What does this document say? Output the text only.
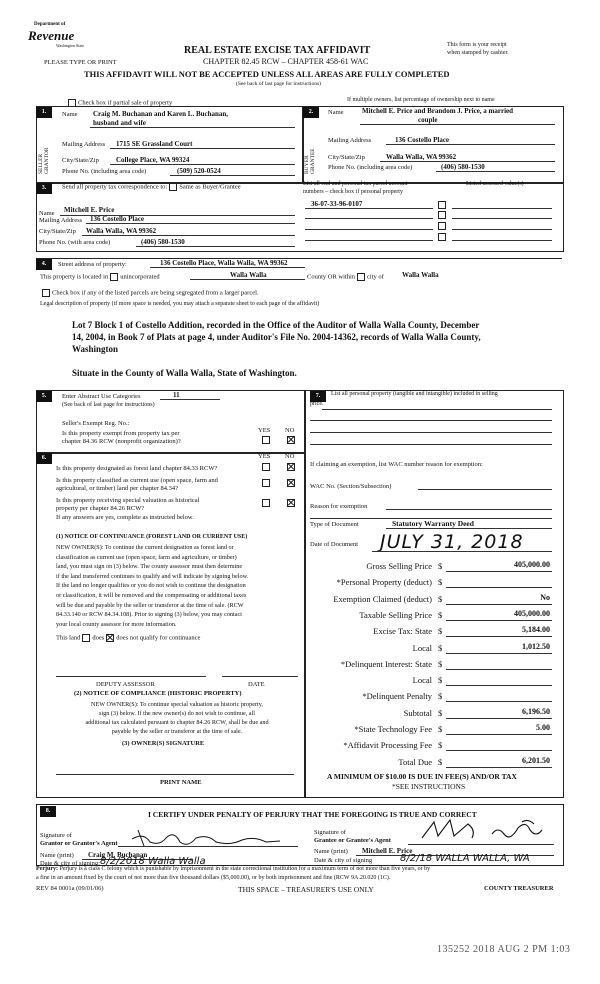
Department of
Revenue
Washington State
PLEASE TYPE OR PRINT
REAL ESTATE EXCISE TAX AFFIDAVIT
CHAPTER 82.45 RCW – CHAPTER 458-61 WAC
This form is your receipt
when stamped by cashier.
THIS AFFIDAVIT WILL NOT BE ACCEPTED UNLESS ALL AREAS ARE FULLY COMPLETED
(See back of last page for instructions)
Check box if partial sale of property
1.
SELLER GRANTOR
Name Craig M. Buchanan and Karen L. Buchanan,
husband and wife
Mailing Address 1715 SE Grassland Court
City/State/Zip College Place, WA 99324
Phone No. (including area code)	(509) 520-0524
If multiple owners, list percentage of ownership next to name
2.
BUYER GRANTEE
Name	Mitchell E. Price and Brandom J. Price, a married
couple
Mailing Address	136 Costello Place
City/State/Zip	Walla Walla, WA 99362
Phone No. (including area code)	(406) 580-1530
3.	Send all property tax correspondence to: Same as Buyer/Grantee	List all real and personal tax parcel account
numbers – check box if personal property
Listed assessed value(s)
Name Mitchell E. Price
Mailing Address 136 Costello Place
City/State/Zip Walla Walla, WA 99362
Phone No. (with area code)	(406) 580-1530
36-07-33-96-0107
4.	Street address of property:	136 Costello Place, Walla Walla, WA 99362
This property is located in unincorporated	Walla Walla	County OR within city of	Walla Walla
Check box if any of the listed parcels are being segregated from a larger parcel.
Legal description of property (if more space is needed, you may attach a separate sheet to each page of the affidavit)
Lot 7 Block 1 of Costello Addition, recorded in the Office of the Auditor of Walla Walla County, December
14, 2004, in Book 7 of Plats at page 4, under Auditor's File No. 2004-14362, records of Walla Walla County,
Washington
Situate in the County of Walla Walla, State of Washington.
5.	Enter Abstract Use Categories	11
(See back of last page for instructions)
Seller's Exempt Reg. No.:
Is this property exempt from property tax per
chapter 84.36 RCW (nonprofit organization)?
YES NO
6.	YES NO
Is this property designated as forest land chapter 84.33 RCW?
Is this property classified as current use (open space, farm and
agricultural, or timber) land per chapter 84.34?
Is this property receiving special valuation as historical
property per chapter 84.26 RCW?
If any answers are yes, complete as instructed below.
(1) NOTICE OF CONTINUANCE (FOREST LAND OR CURRENT USE)
NEW OWNER(S): To continue the current designation as forest land or
classification as current use (open space, farm and agriculture, or timber)
land, you must sign on (3) below. The county assessor must then determine
if the land transferred continues to qualify and will indicate by signing below.
If the land no longer qualifies or you do not wish to continue the designation
or classification, it will be removed and the compensating or additional taxes
will be due and payable by the seller or transferor at the time of sale. (RCW
84.33.140 or RCW 84.34.108). Prior to signing (3) below, you may contact
your local county assessor for more information.
This land does does not qualify for continuance
DEPUTY ASSESSOR	DATE
(2) NOTICE OF COMPLIANCE (HISTORIC PROPERTY)
NEW OWNER(S): To continue special valuation as historic property,
sign (3) below. If the new owner(s) do not wish to continue, all
additional tax calculated pursuant to chapter 84.26 RCW, shall be due and
payable by the seller or transferor at the time of sale.
(3) OWNER(S) SIGNATURE
PRINT NAME
7.	List all personal property (tangible and intangible) included in selling
price.
If claiming an exemption, list WAC number reason for exemption:
WAC No. (Section/Subsection)
Reason for exemption
Type of Document	Statutory Warranty Deed
Date of Document JULY 31, 2018
Gross Selling Price $	405,000.00
*Personal Property (deduct) $
Exemption Claimed (deduct) $	No
Taxable Selling Price $	405,000.00
Excise Tax: State $	5,184.00
Local $	1,012.50
*Delinquent Interest: State $
Local $
*Delinquent Penalty $
Subtotal $	6,196.50
*State Technology Fee $	5.00
*Affidavit Processing Fee $
Total Due $	6,201.50
A MINIMUM OF $10.00 IS DUE IN FEE(S) AND/OR TAX
*SEE INSTRUCTIONS
8.	I CERTIFY UNDER PENALTY OF PERJURY THAT THE FOREGOING IS TRUE AND CORRECT
Signature of
Grantor or Grantor's Agent
Name (print) Craig M. Buchanan
Date & city of signing: 8/2/2018 Walla Walla
Signature of
Grantee or Grantee's Agent
Name (print) Mitchell E. Price
Date & city of signing	8/2/18 WALLA WALLA, WA
Perjury: Perjury is a class C felony which is punishable by imprisonment in the state correctional institution for a maximum term of not more than five years, or by
a fine in an amount fixed by the court of not more than five thousand dollars ($5,000.00), or by both imprisonment and fine (RCW 9A.20.020 (1C).
REV 84 0001a (09/01/06)	THIS SPACE – TREASURER'S USE ONLY	COUNTY TREASURER
135252 2018 AUG 2 PM 1:03
